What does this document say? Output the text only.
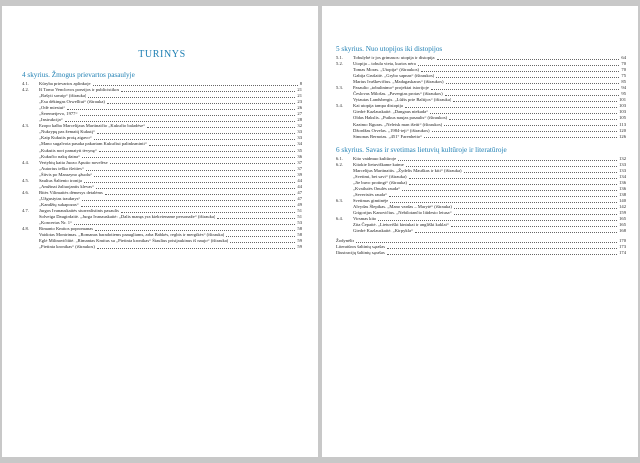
TURINYS
4 skyrius. Žmogus prievartos pasaulyje
4.1.	Kūryba prievartos aplinkoje	8
4.2.	Iš Tomo Venclovos poezijos ir publicistikos	21
„Rašyti savaip“ (ištrauka)	21
„Esu dėkingas Orwelliui“ (ištrauka)	23
„Odė miestui“	26
„Šeremetjevo, 1977“	27
„Instrukcija“	28
4.3.	Ezopo kalba Marcelijaus Martinaičio „Kukučio baladėse“	32
„Nukrypę pas žemaitį Kukutį“	33
„Kaip Kukutis protą atgavo“	33
„Mano sugalvota pasaka pakartam Kukučiui palinksminti“	34
„Kukutis nori pamatyti tėvynę“	35
„Kukučio nakų daina“	36
4.4.	Vertybių kaita Juozo Aputio novelėse	37
„Autorius ieško išeities“	37
„Šitvis po Marazyno ąžuolu“	39
4.5.	Saulius Šaltenio ironija	44
„Amžinai žaliuojantis klevas“	44
4.6.	Bitės Vilimaitės dėmesys detalėms	47
„Užgustytas trauknys“	47
„Kandžių sukapozas“	49
4.7.	Jurgos Ivanauskaitės siurrealistinis pasaulis	51
Solveiga Daugirdaitė. „Jurga Ivanauskaitė: „Dalis manęs yra kiekviename personaže“ (ištrauka)	51
„Koncertas Nr. 1“	53
4.8.	Rimanto Kmitos popromanas	58
Vaidotas Montrimas. „Romanas baradotiems paaugliams, arba Babkės, regbis ir mergikės“ (ištrauka)	58
Eglė Milinavičiūtė. „Rimantas Kmitus su „Pietinia kronikas“ Šiaulius prisijaukinus iš naujo“ (ištrauka)	59
„Pietinia kronikas“ (ištraukos)	59
5 skyrius. Nuo utopijos iki distopijos
5.1.	Tobulybė ir jos grimasos: utopija ir distopija	64
5.2.	Utopija – tobula vieta, kurios nėra	70
Tomas Moras. „Utopija“ (ištraukos)	70
Gabija Grušaitė. „Grybo sapnas“ (ištraukos)	75
Marius Ivaškevičius. „Madagaskaras“ (ištraukos)	85
5.3.	Pasaulio „tobulinimo“ projektai istorijoje	94
Česlovas Milošas. „Pavergtas protas“ (ištraukos)	95
Vytautas Landsbergis. „Lūžis prie Baltijos“ (ištrauka)	101
5.4.	Kai utopija tampa distopija	103
Giedrė Kazlauskaitė. „Dangaus niekada“	103
Oldas Hakslis. „Puikus naujas pasaulis“ (ištraukos)	105
Kazimo Išguras. „Neleisk man išeiti“ (ištraukos)	113
Džordžas Orvelas. „1984-ieji“ (ištraukos)	120
Simonas Bernotas. „451° Farenheito“	126
6 skyrius. Savas ir svetimas lietuvių kultūroje ir literatūroje
6.1.	Kito vaidmuo kultūroje	132
6.2.	Kitokie lietuviškame kaime	133
Marcelijus Martinaitis. „Žydelis Mauškas ir kiti“ (ištrauka)	133
„Svetimi, bet savi“ (ištrauka)	134
„Jie buvo protingi“ (ištrauka)	136
„Kvailutės Onulės rauda“	136
„Severistės rauda“	138
6.3.	Svetimas gimtinėje	140
Alvydas Šlepikas. „Mano vardas – Marytė“ (ištrauka)	142
Grigorijus Kanovičius. „Nebilotančio liūdesio leiusa“	159
6.4.	Virsmas kito	165
Zita Čepaitė. „Lietuviški kintukai ir angliški kaklai“	165
Giedrė Kazlauskaitė. „Kirpykla“	168
Žodynėlis	170
Literatūros šaltinių sąrašas	173
Iliustracijų šaltinių sąrašas	174
